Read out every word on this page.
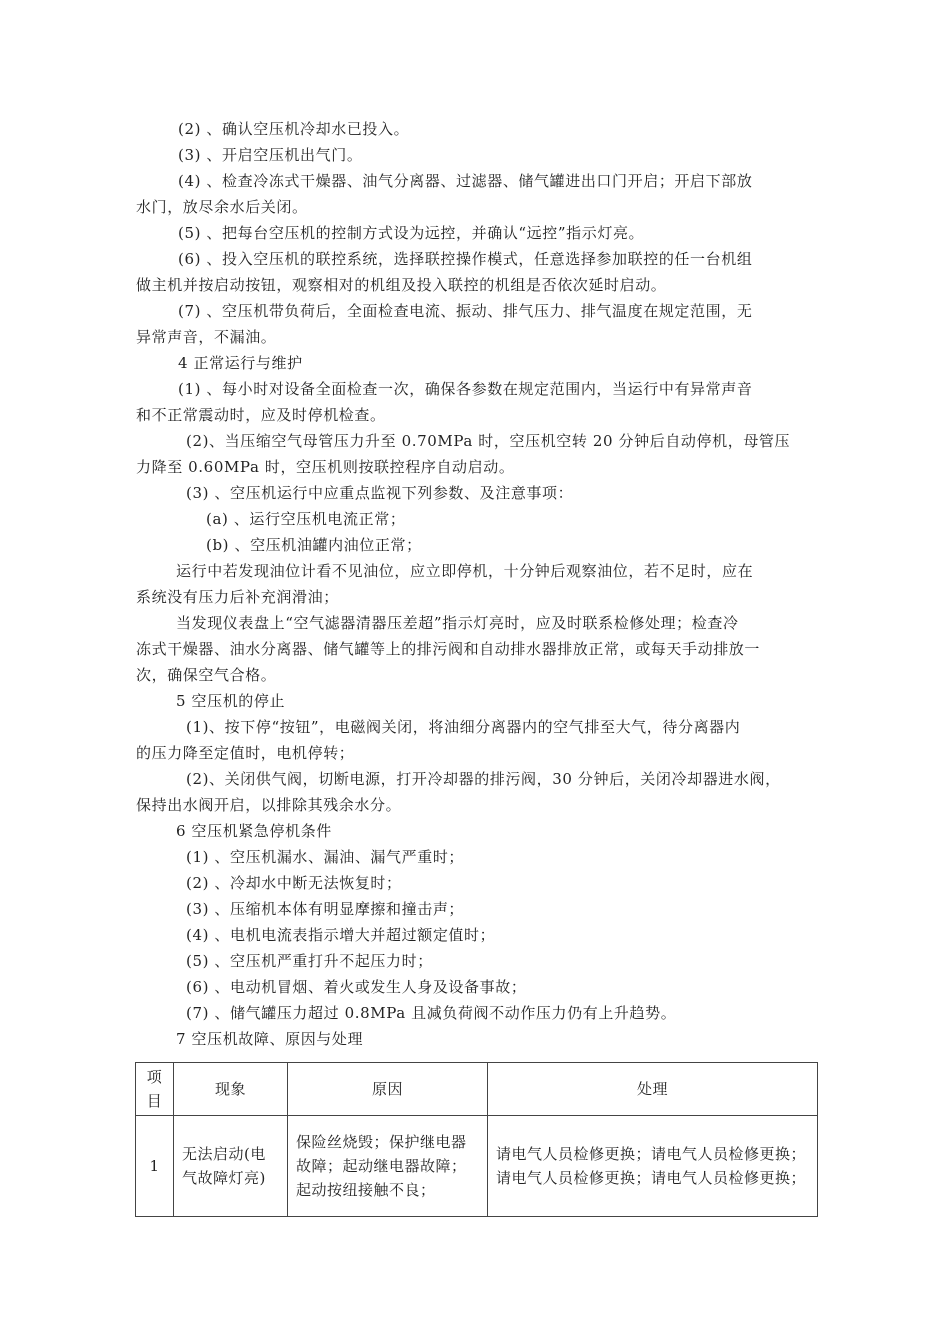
(2) 、确认空压机冷却水已投入。
(3) 、开启空压机出气门。
(4) 、检查冷冻式干燥器、油气分离器、过滤器、储气罐进出口门开启；开启下部放
水门，放尽余水后关闭。
(5) 、把每台空压机的控制方式设为远控，并确认“远控”指示灯亮。
(6) 、投入空压机的联控系统，选择联控操作模式，任意选择参加联控的任一台机组
做主机并按启动按钮，观察相对的机组及投入联控的机组是否依次延时启动。
(7) 、空压机带负荷后，全面检查电流、振动、排气压力、排气温度在规定范围，无
异常声音，不漏油。
4 正常运行与维护
(1) 、每小时对设备全面检查一次，确保各参数在规定范围内，当运行中有异常声音
和不正常震动时，应及时停机检查。
(2)、当压缩空气母管压力升至 0.70MPa 时，空压机空转 20 分钟后自动停机，母管压
力降至 0.60MPa 时，空压机则按联控程序自动启动。
(3) 、空压机运行中应重点监视下列参数、及注意事项：
(a) 、运行空压机电流正常；
(b) 、空压机油罐内油位正常；
运行中若发现油位计看不见油位，应立即停机，十分钟后观察油位，若不足时，应在
系统没有压力后补充润滑油；
当发现仪表盘上“空气滤器清器压差超”指示灯亮时，应及时联系检修处理；检查冷
冻式干燥器、油水分离器、储气罐等上的排污阀和自动排水器排放正常，或每天手动排放一
次，确保空气合格。
5 空压机的停止
(1)、按下停“按钮”，电磁阀关闭，将油细分离器内的空气排至大气，待分离器内
的压力降至定值时，电机停转；
(2)、关闭供气阀，切断电源，打开冷却器的排污阀，30 分钟后，关闭冷却器进水阀，
保持出水阀开启，以排除其残余水分。
6 空压机紧急停机条件
(1) 、空压机漏水、漏油、漏气严重时；
(2) 、冷却水中断无法恢复时；
(3) 、压缩机本体有明显摩擦和撞击声；
(4) 、电机电流表指示增大并超过额定值时；
(5) 、空压机严重打升不起压力时；
(6) 、电动机冒烟、着火或发生人身及设备事故；
(7) 、储气罐压力超过 0.8MPa 且减负荷阀不动作压力仍有上升趋势。
7 空压机故障、原因与处理
项目	现象	原因	处理
1	无法启动(电气故障灯亮)	保险丝烧毁；保护继电器故障；起动继电器故障；起动按纽接触不良；	请电气人员检修更换；请电气人员检修更换；请电气人员检修更换；请电气人员检修更换；
